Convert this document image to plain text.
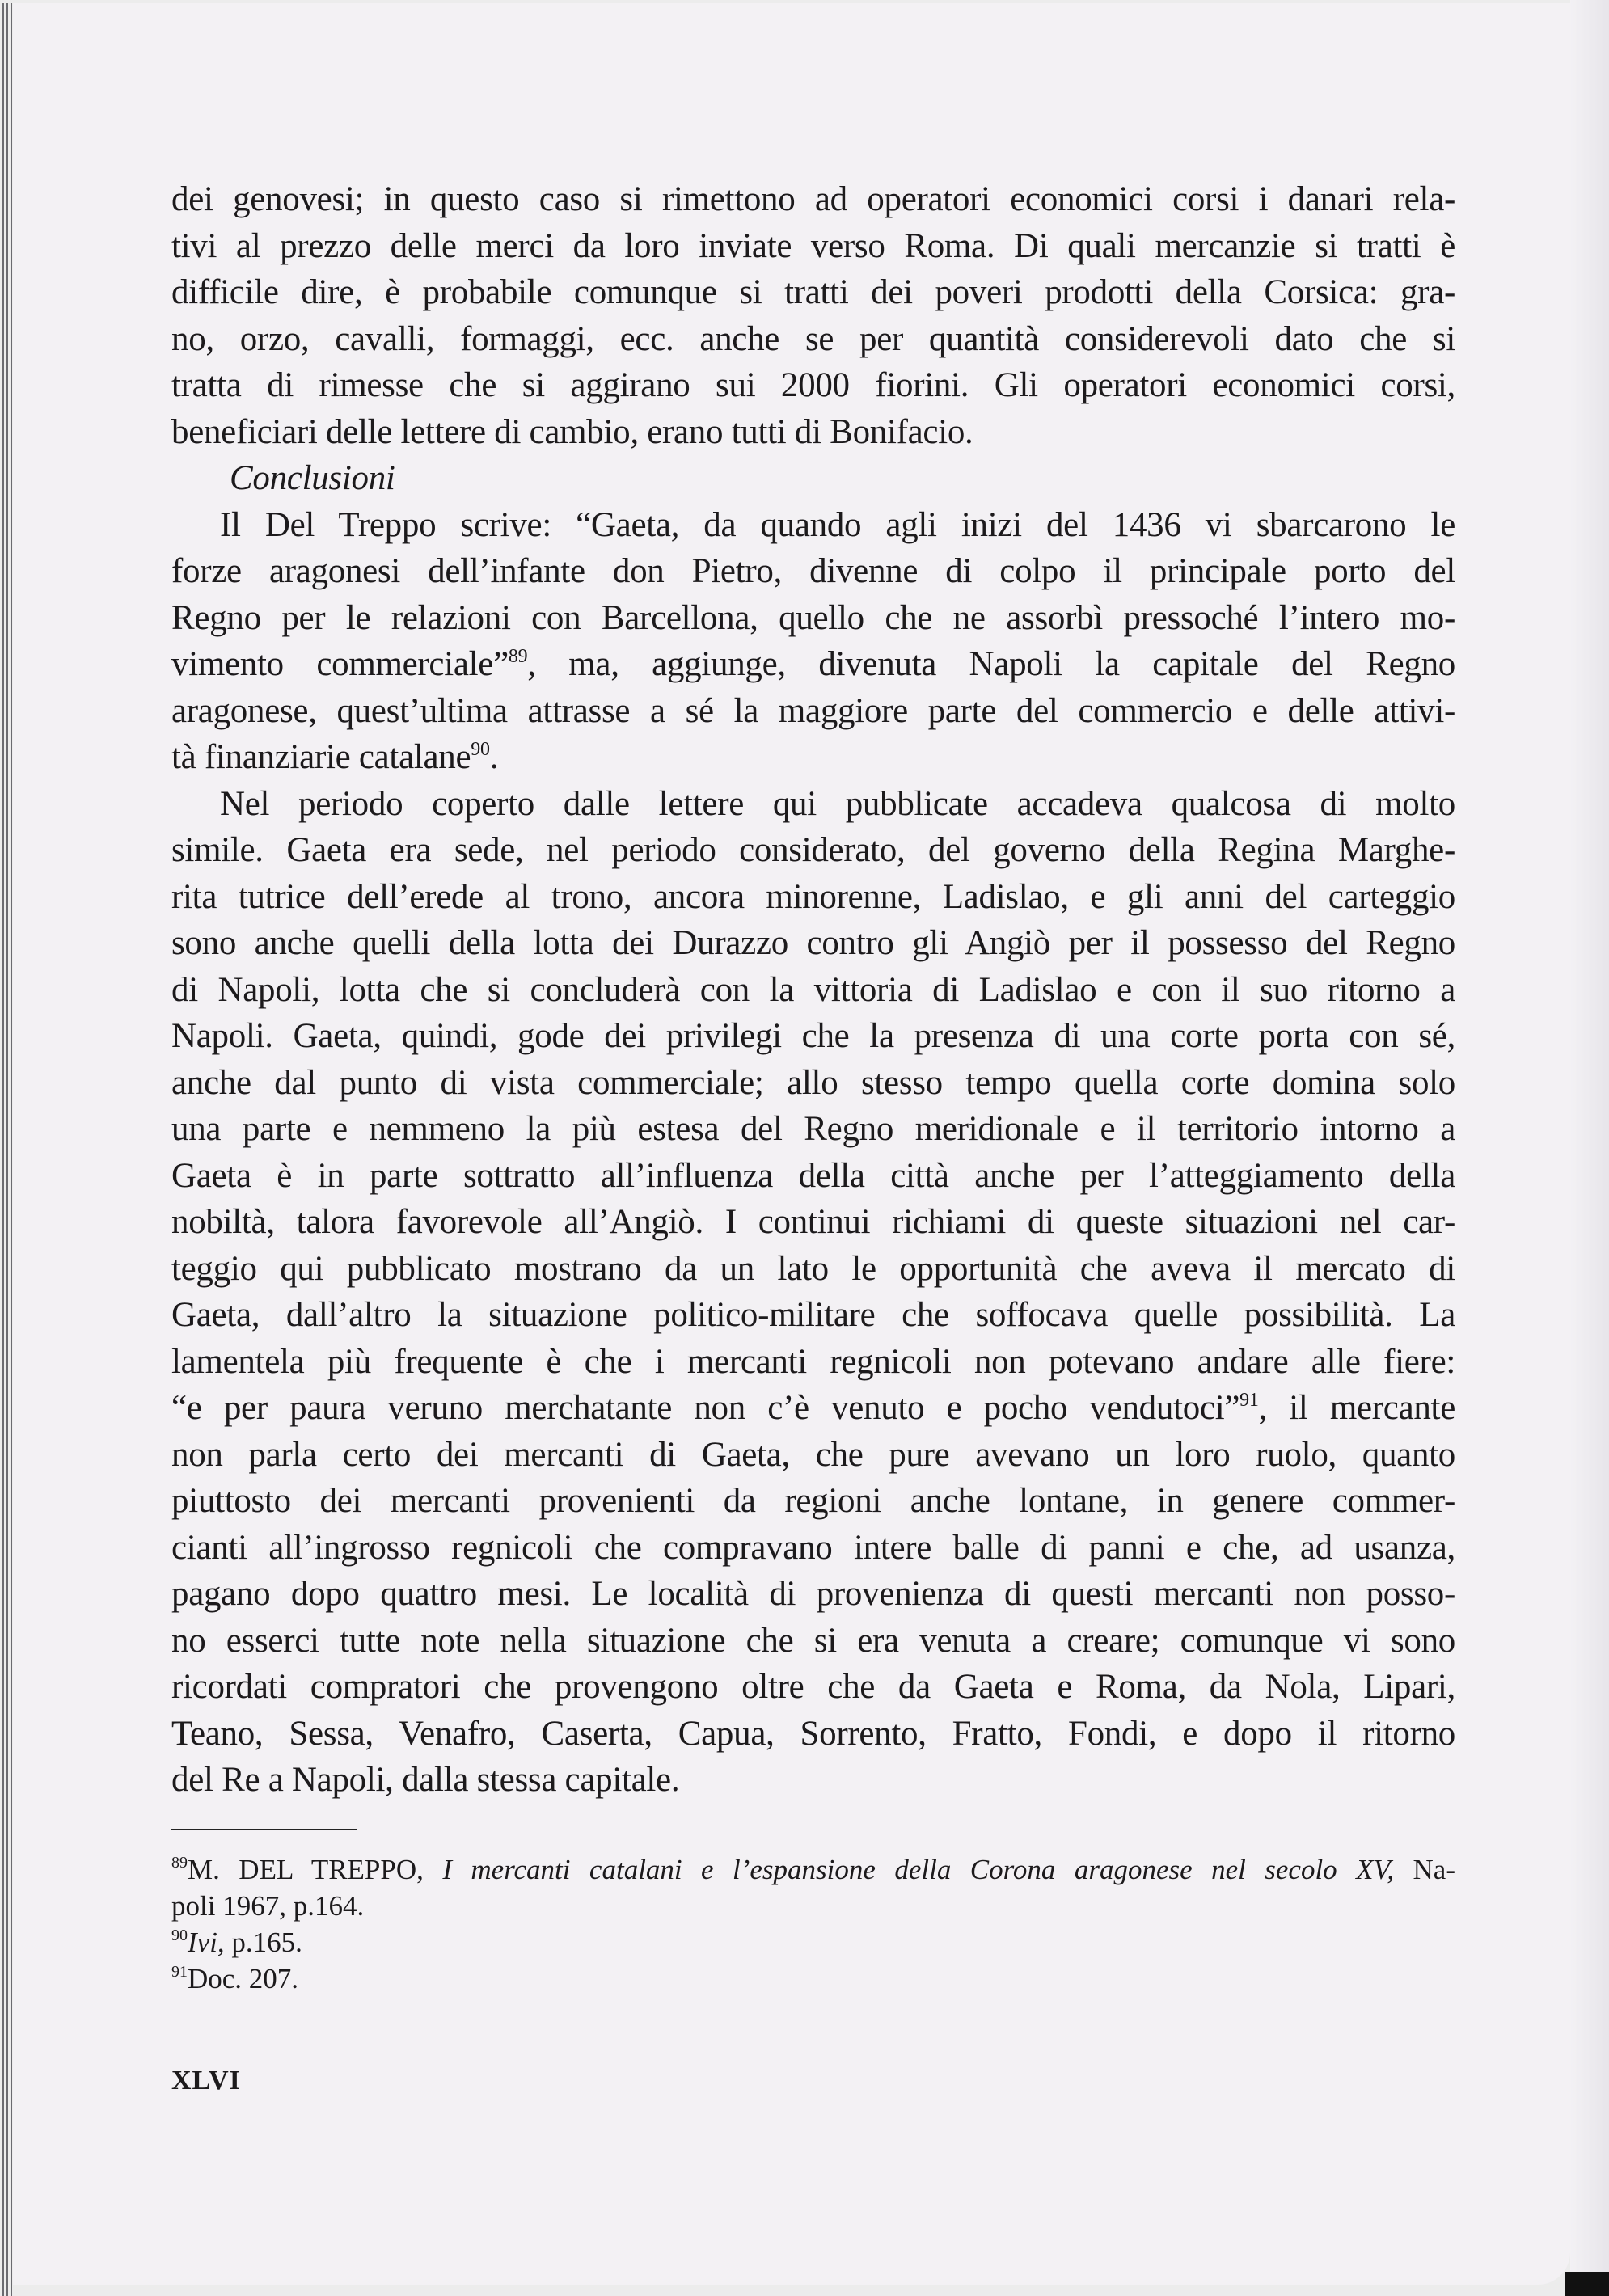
dei genovesi; in questo caso si rimettono ad operatori economici corsi i danari rela-
tivi al prezzo delle merci da loro inviate verso Roma. Di quali mercanzie si tratti è
difficile dire, è probabile comunque si tratti dei poveri prodotti della Corsica: gra-
no, orzo, cavalli, formaggi, ecc. anche se per quantità considerevoli dato che si
tratta di rimesse che si aggirano sui 2000 fiorini. Gli operatori economici corsi,
beneficiari delle lettere di cambio, erano tutti di Bonifacio.
Conclusioni
Il Del Treppo scrive: “Gaeta, da quando agli inizi del 1436 vi sbarcarono le
forze aragonesi dell’infante don Pietro, divenne di colpo il principale porto del
Regno per le relazioni con Barcellona, quello che ne assorbì pressoché l’intero mo-
vimento commerciale”$^{89}$, ma, aggiunge, divenuta Napoli la capitale del Regno
aragonese, quest’ultima attrasse a sé la maggiore parte del commercio e delle attivi-
tà finanziarie catalane$^{90}$.
Nel periodo coperto dalle lettere qui pubblicate accadeva qualcosa di molto
simile. Gaeta era sede, nel periodo considerato, del governo della Regina Marghe-
rita tutrice dell’erede al trono, ancora minorenne, Ladislao, e gli anni del carteggio
sono anche quelli della lotta dei Durazzo contro gli Angiò per il possesso del Regno
di Napoli, lotta che si concluderà con la vittoria di Ladislao e con il suo ritorno a
Napoli. Gaeta, quindi, gode dei privilegi che la presenza di una corte porta con sé,
anche dal punto di vista commerciale; allo stesso tempo quella corte domina solo
una parte e nemmeno la più estesa del Regno meridionale e il territorio intorno a
Gaeta è in parte sottratto all’influenza della città anche per l’atteggiamento della
nobiltà, talora favorevole all’Angiò. I continui richiami di queste situazioni nel car-
teggio qui pubblicato mostrano da un lato le opportunità che aveva il mercato di
Gaeta, dall’altro la situazione politico-militare che soffocava quelle possibilità. La
lamentela più frequente è che i mercanti regnicoli non potevano andare alle fiere:
“e per paura veruno merchatante non c’è venuto e pocho vendutoci”$^{91}$, il mercante
non parla certo dei mercanti di Gaeta, che pure avevano un loro ruolo, quanto
piuttosto dei mercanti provenienti da regioni anche lontane, in genere commer-
cianti all’ingrosso regnicoli che compravano intere balle di panni e che, ad usanza,
pagano dopo quattro mesi. Le località di provenienza di questi mercanti non posso-
no esserci tutte note nella situazione che si era venuta a creare; comunque vi sono
ricordati compratori che provengono oltre che da Gaeta e Roma, da Nola, Lipari,
Teano, Sessa, Venafro, Caserta, Capua, Sorrento, Fratto, Fondi, e dopo il ritorno
del Re a Napoli, dalla stessa capitale.
$^{89}$M. DEL TREPPO, I mercanti catalani e l’espansione della Corona aragonese nel secolo XV, Na-
poli 1967, p.164.
$^{90}$Ivi, p.165.
$^{91}$Doc. 207.
XLVI
